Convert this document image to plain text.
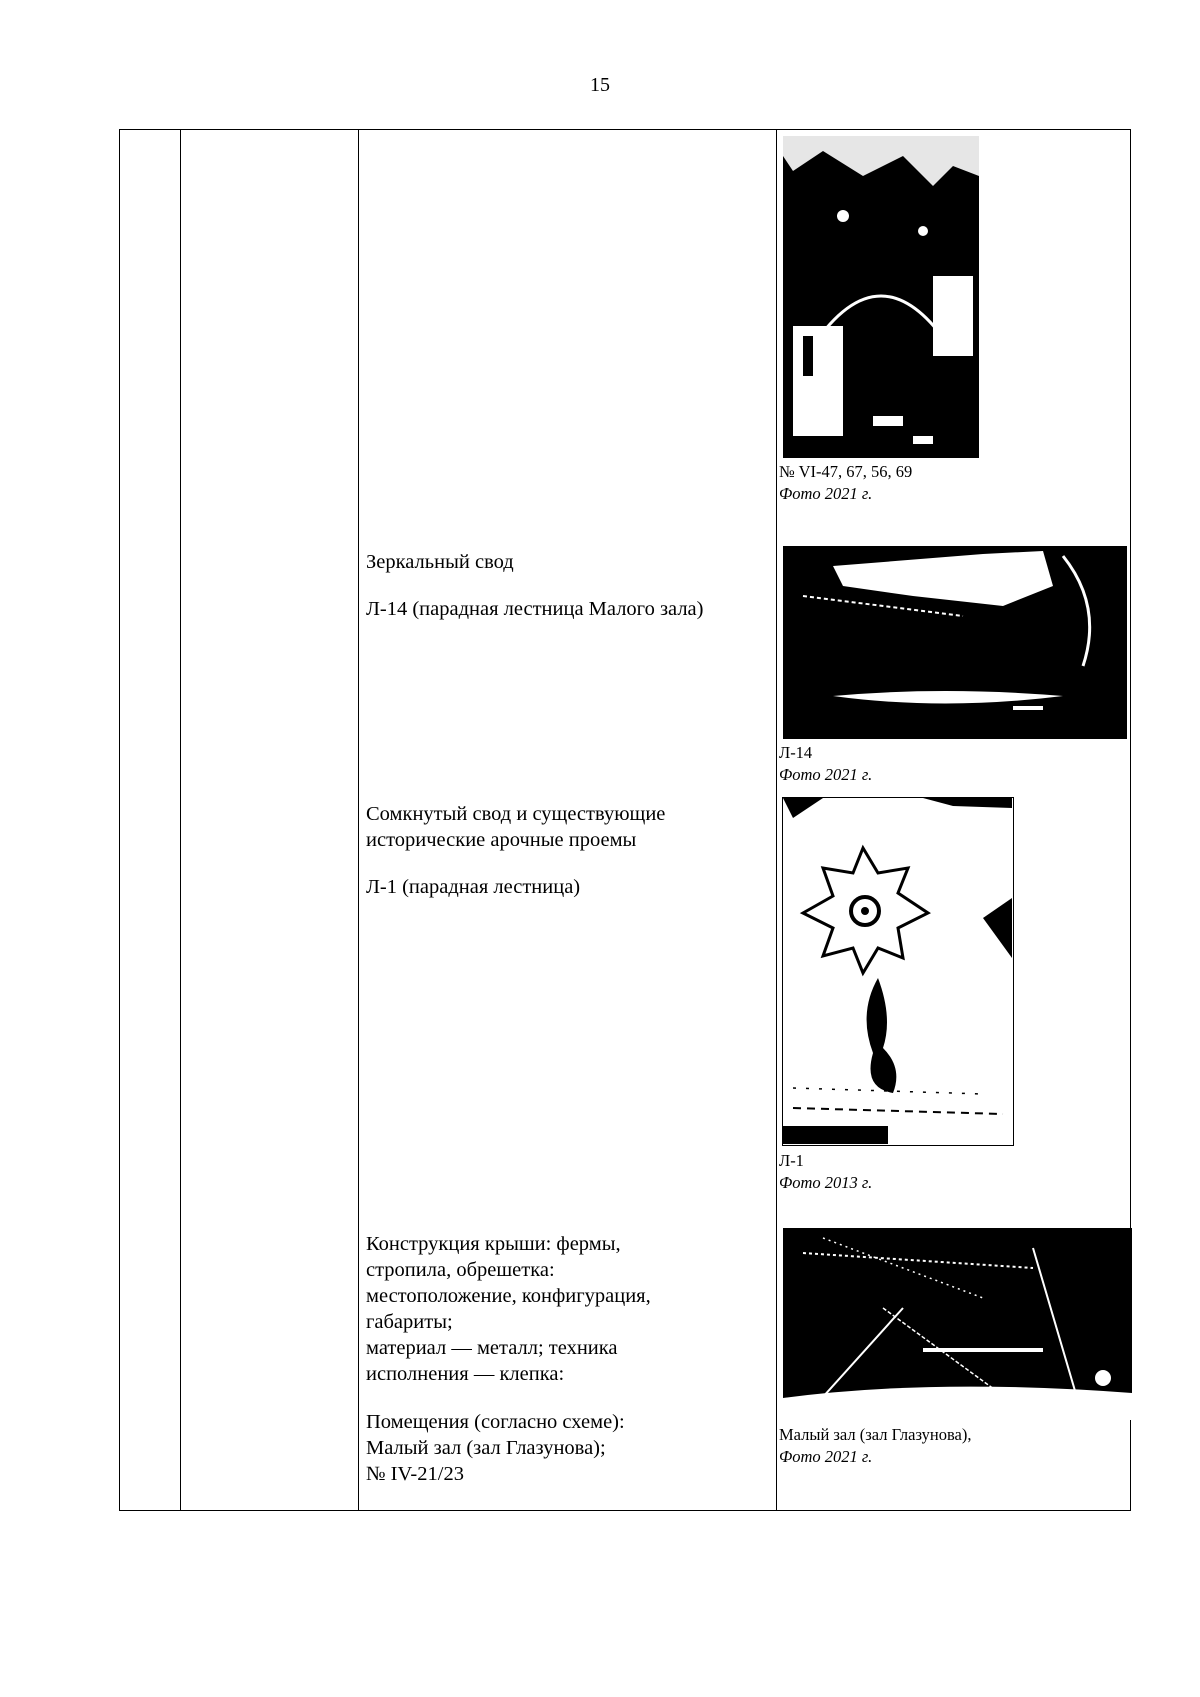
15
№ VI-47, 67, 56, 69
Фото 2021 г.

Зеркальный свод

Л-14 (парадная лестница Малого зала)

Л-14
Фото 2021 г.

Сомкнутый свод и существующие

исторические арочные проемы

Л-1 (парадная лестница)

Л-1
Фото 2013 г.

Конструкция крыши: фермы,

стропила, обрешетка:

местоположение, конфигурация,

габариты;

материал — металл; техника

исполнения — клепка:

Помещения (согласно схеме):

Малый зал (зал Глазунова);

№ IV-21/23

Малый зал (зал Глазунова),
Фото 2021 г.
